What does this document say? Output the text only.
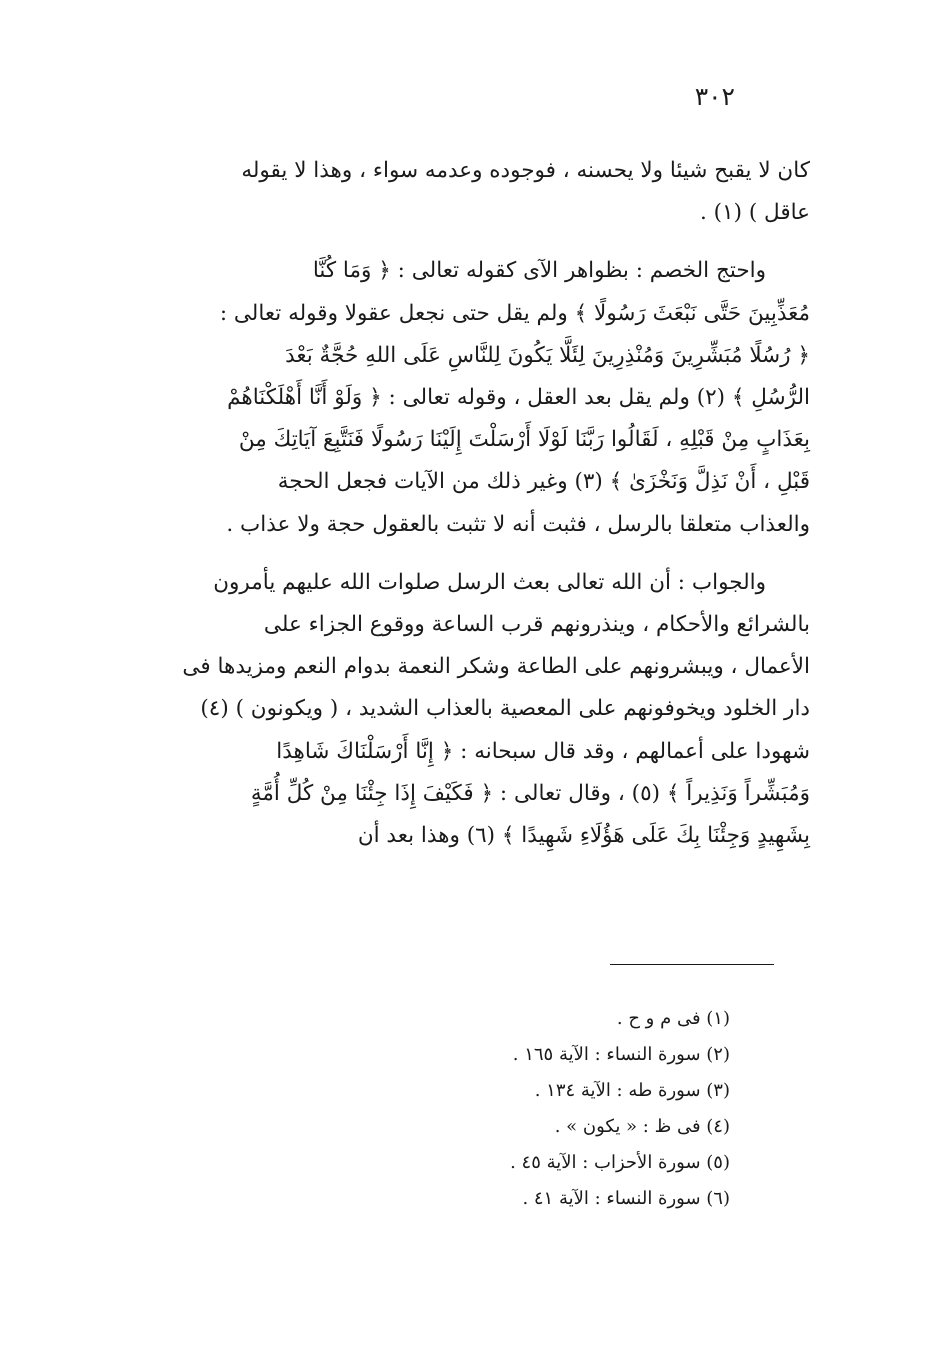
٣٠٢

كان لا يقبح شيئا ولا يحسنه ، فوجوده وعدمه سواء ، وهذا لا يقوله
عاقل ) (١) .

واحتج الخصم : بظواهر الآى كقوله تعالى : ﴿ وَمَا كُنَّا
مُعَذِّبِينَ حَتَّى نَبْعَثَ رَسُولًا ﴾ ولم يقل حتى نجعل عقولا وقوله تعالى :
﴿ رُسُلًا مُبَشِّرِينَ وَمُنْذِرِينَ لِئَلَّا يَكُونَ لِلنَّاسِ عَلَى اللهِ حُجَّةٌ بَعْدَ
الرُّسُلِ ﴾ (٢) ولم يقل بعد العقل ، وقوله تعالى : ﴿ وَلَوْ أَنَّا أَهْلَكْنَاهُمْ
بِعَذَابٍ مِنْ قَبْلِهِ ، لَقَالُوا رَبَّنَا لَوْلَا أَرْسَلْتَ إِلَيْنَا رَسُولًا فَنَتَّبِعَ آيَاتِكَ مِنْ
قَبْلِ ، أَنْ نَذِلَّ وَنَخْزَىٰ ﴾ (٣) وغير ذلك من الآيات فجعل الحجة
والعذاب متعلقا بالرسل ، فثبت أنه لا تثبت بالعقول حجة ولا عذاب .

والجواب : أن الله تعالى بعث الرسل صلوات الله عليهم يأمرون
بالشرائع والأحكام ، وينذرونهم قرب الساعة ووقوع الجزاء على
الأعمال ، ويبشرونهم على الطاعة وشكر النعمة بدوام النعم ومزيدها فى
دار الخلود ويخوفونهم على المعصية بالعذاب الشديد ، ( ويكونون ) (٤)
شهودا على أعمالهم ، وقد قال سبحانه : ﴿ إِنَّا أَرْسَلْنَاكَ شَاهِدًا
وَمُبَشِّراً وَنَذِيراً ﴾ (٥) ، وقال تعالى : ﴿ فَكَيْفَ إِذَا جِئْنَا مِنْ كُلِّ أُمَّةٍ
بِشَهِيدٍ وَجِئْنَا بِكَ عَلَى هَؤُلَاءِ شَهِيدًا ﴾ (٦) وهذا بعد أن

(١) فى م و ح .
(٢) سورة النساء : الآية ١٦٥ .
(٣) سورة طه : الآية ١٣٤ .
(٤) فى ظ : « يكون » .
(٥) سورة الأحزاب : الآية ٤٥ .
(٦) سورة النساء : الآية ٤١ .
